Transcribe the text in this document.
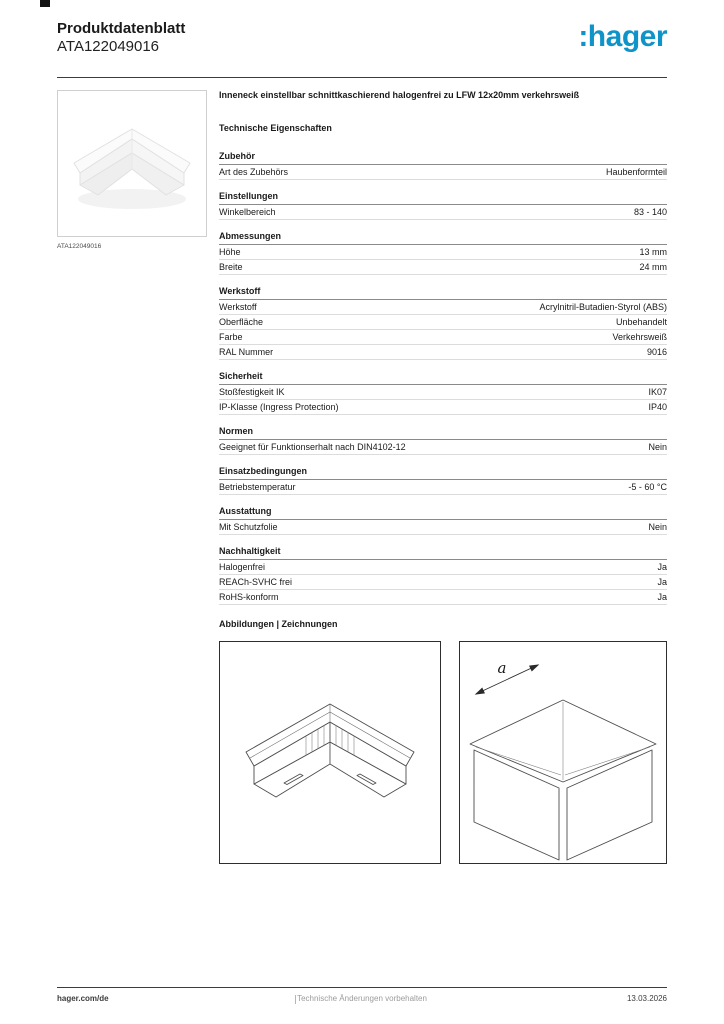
Produktdatenblatt
ATA122049016	:hager
ATA122049016
Inneneck einstellbar schnittkaschierend halogenfrei zu LFW 12x20mm verkehrsweiß
Technische Eigenschaften
Zubehör
Art des Zubehörs	Haubenformteil
Einstellungen
Winkelbereich	83 - 140
Abmessungen
Höhe	13 mm
Breite	24 mm
Werkstoff
Werkstoff	Acrylnitril-Butadien-Styrol (ABS)
Oberfläche	Unbehandelt
Farbe	Verkehrsweiß
RAL Nummer	9016
Sicherheit
Stoßfestigkeit IK	IK07
IP-Klasse (Ingress Protection)	IP40
Normen
Geeignet für Funktionserhalt nach DIN4102-12	Nein
Einsatzbedingungen
Betriebstemperatur	-5 - 60 °C
Ausstattung
Mit Schutzfolie	Nein
Nachhaltigkeit
Halogenfrei	Ja
REACh-SVHC frei	Ja
RoHS-konform	Ja
Abbildungen | Zeichnungen
a
hager.com/de	Technische Änderungen vorbehalten	13.03.2026
